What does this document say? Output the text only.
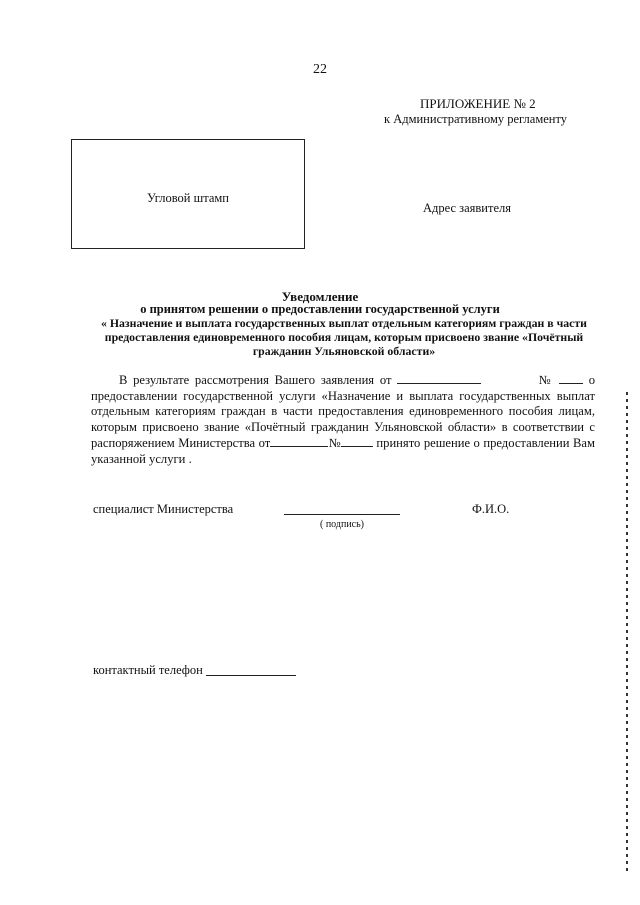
22
ПРИЛОЖЕНИЕ № 2
к Административному регламенту
Угловой штамп
Адрес заявителя
Уведомление
о принятом решении о предоставлении государственной услуги
« Назначение и выплата государственных выплат отдельным категориям граждан в части предоставления единовременного пособия лицам, которым присвоено звание «Почётный гражданин Ульяновской области»
В результате рассмотрения Вашего заявления от	№	о предоставлении государственной услуги «Назначение и выплата государственных выплат отдельным категориям граждан в части предоставления единовременного пособия лицам, которым присвоено звание «Почётный гражданин Ульяновской области» в соответствии с распоряжением Министерства от	№	принято решение о предоставлении Вам указанной услуги .
специалист Министерства
( подпись)
Ф.И.О.
контактный телефон
